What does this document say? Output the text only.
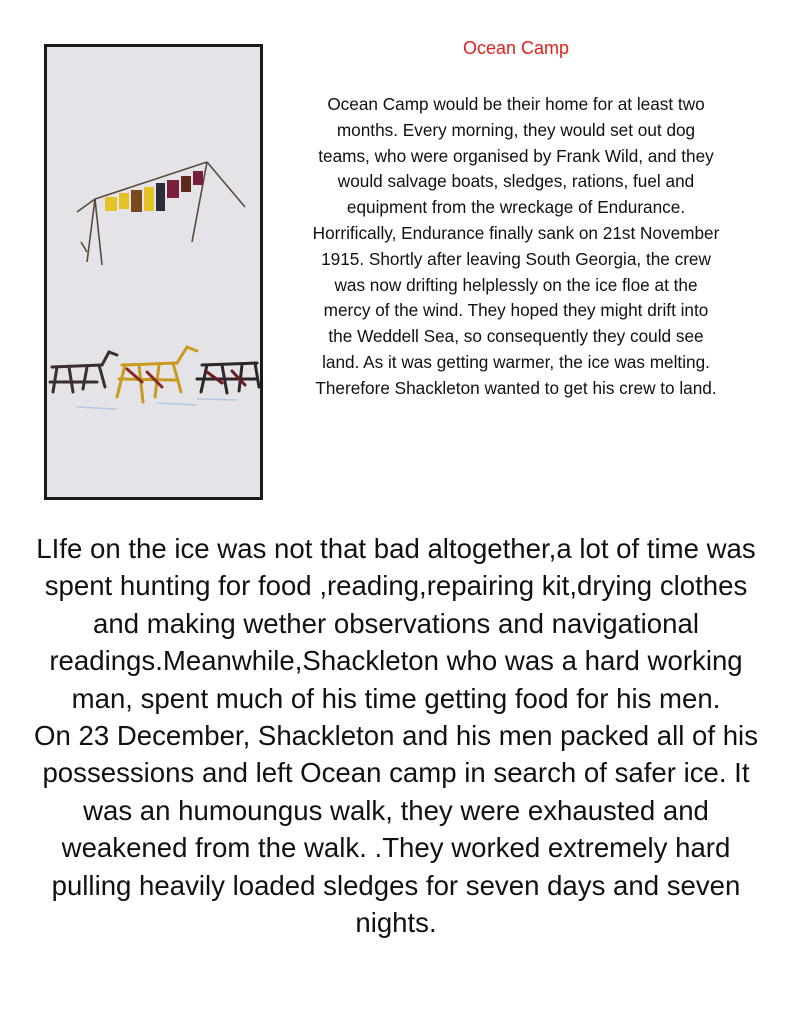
Ocean Camp

Ocean Camp would be their home for at least two months. Every morning, they would set out dog teams, who were organised by Frank Wild, and they would salvage boats, sledges, rations, fuel and equipment from the wreckage of Endurance. Horrifically, Endurance finally sank on 21st November 1915. Shortly after leaving South Georgia, the crew was now drifting helplessly on the ice floe at the mercy of the wind. They hoped they might drift into the Weddell Sea, so consequently they could see land. As it was getting warmer, the ice was melting. Therefore Shackleton wanted to get his crew to land.

LIfe on the ice was not that bad altogether,a lot of time was spent hunting for food ,reading,repairing kit,drying clothes and making wether observations and navigational readings.Meanwhile,Shackleton who was a hard working man, spent much of his time getting food for his men.

On 23 December, Shackleton and his men packed all of his possessions and left Ocean camp in search of safer ice. It was an humoungus walk, they were exhausted and weakened from the walk. .They worked extremely hard pulling heavily loaded sledges for seven days and seven nights.
